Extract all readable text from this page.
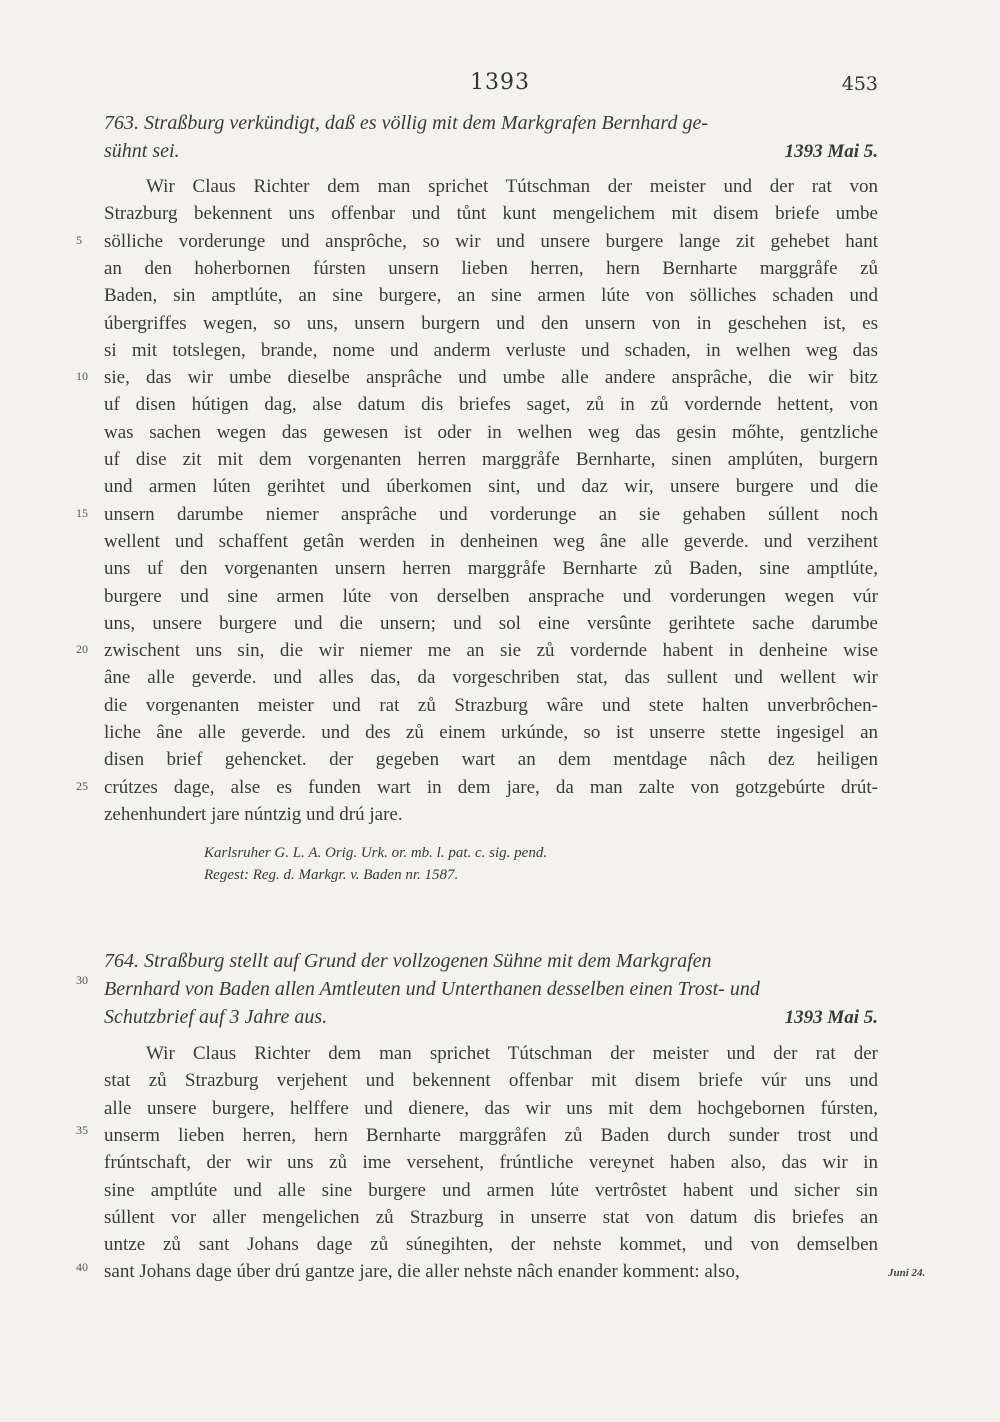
1393	453
763. Straßburg verkündigt, daß es völlig mit dem Markgrafen Bernhard ge-
sühnt sei.	1393 Mai 5.
Wir Claus Richter dem man sprichet Tútschman der meister und der rat von
Strazburg bekennent uns offenbar und tůnt kunt mengelichem mit disem briefe umbe
sölliche vorderunge und ansprôche, so wir und unsere burgere lange zit gehebet hant
an den hoherbornen fúrsten unsern lieben herren, hern Bernharte marggråfe zů
Baden, sin amptlúte, an sine burgere, an sine armen lúte von sölliches schaden und
úbergriffes wegen, so uns, unsern burgern und den unsern von in geschehen ist, es
si mit totslegen, brande, nome und anderm verluste und schaden, in welhen weg das
sie, das wir umbe dieselbe ansprâche und umbe alle andere ansprâche, die wir bitz
uf disen hútigen dag, alse datum dis briefes saget, zů in zů vordernde hettent, von
was sachen wegen das gewesen ist oder in welhen weg das gesin mőhte, gentzliche
uf dise zit mit dem vorgenanten herren marggråfe Bernharte, sinen amplúten, burgern
und armen lúten gerihtet und úberkomen sint, und daz wir, unsere burgere und die
unsern darumbe niemer ansprâche und vorderunge an sie gehaben súllent noch
wellent und schaffent getân werden in denheinen weg âne alle geverde. und verzihent
uns uf den vorgenanten unsern herren marggråfe Bernharte zů Baden, sine amptlúte,
burgere und sine armen lúte von derselben ansprache und vorderungen wegen vúr
uns, unsere burgere und die unsern; und sol eine versûnte gerihtete sache darumbe
zwischent uns sin, die wir niemer me an sie zů vordernde habent in denheine wise
âne alle geverde. und alles das, da vorgeschriben stat, das sullent und wellent wir
die vorgenanten meister und rat zů Strazburg wâre und stete halten unverbrôchen-
liche âne alle geverde. und des zů einem urkúnde, so ist unserre stette ingesigel an
disen brief gehencket. der gegeben wart an dem mentdage nâch dez heiligen
crútzes dage, alse es funden wart in dem jare, da man zalte von gotzgebúrte drút-
zehenhundert jare núntzig und drú jare.
Karlsruher G. L. A. Orig. Urk. or. mb. l. pat. c. sig. pend.
Regest: Reg. d. Markgr. v. Baden nr. 1587.
764. Straßburg stellt auf Grund der vollzogenen Sühne mit dem Markgrafen
Bernhard von Baden allen Amtleuten und Unterthanen desselben einen Trost- und
Schutzbrief auf 3 Jahre aus.	1393 Mai 5.
Wir Claus Richter dem man sprichet Tútschman der meister und der rat der
stat zů Strazburg verjehent und bekennent offenbar mit disem briefe vúr uns und
alle unsere burgere, helffere und dienere, das wir uns mit dem hochgebornen fúrsten,
unserm lieben herren, hern Bernharte marggråfen zů Baden durch sunder trost und
frúntschaft, der wir uns zů ime versehent, frúntliche vereynet haben also, das wir in
sine amptlúte und alle sine burgere und armen lúte vertrôstet habent und sicher sin
súllent vor aller mengelichen zů Strazburg in unserre stat von datum dis briefes an
untze zů sant Johans dage zů súnegihten, der nehste kommet, und von demselben
sant Johans dage úber drú gantze jare, die aller nehste nâch enander komment: also,	Juni 24.
5
10
15
20
25
30
35
40
